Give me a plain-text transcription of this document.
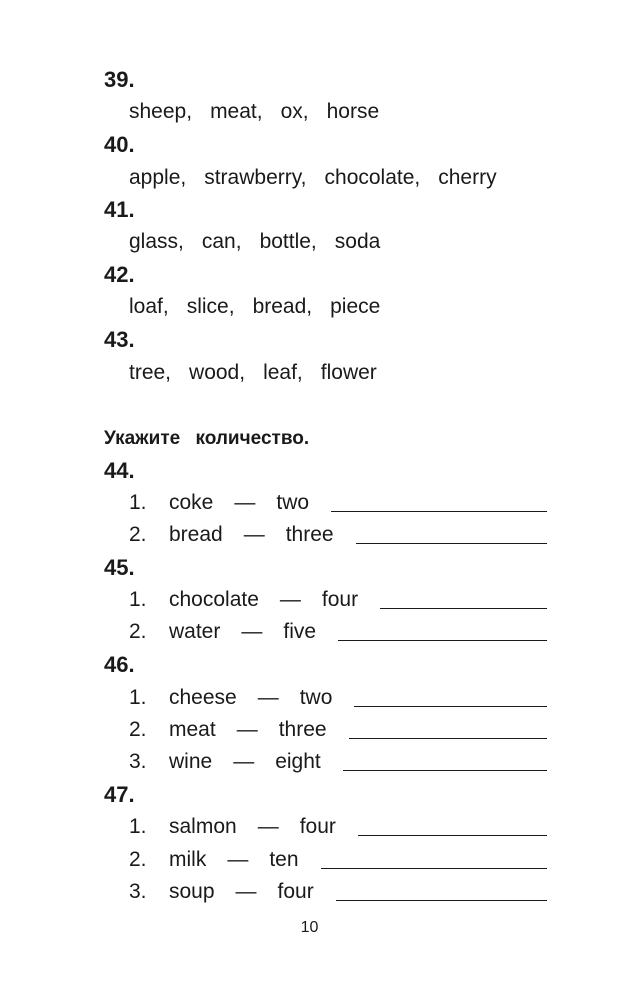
39.
sheep, meat, ox, horse
40.
apple, strawberry, chocolate, cherry
41.
glass, can, bottle, soda
42.
loaf, slice, bread, piece
43.
tree, wood, leaf, flower
Укажите количество.
44.
1.	coke — two
2.	bread — three
45.
1.	chocolate — four
2.	water — five
46.
1.	cheese — two
2.	meat — three
3.	wine — eight
47.
1.	salmon — four
2.	milk — ten
3.	soup — four
10
